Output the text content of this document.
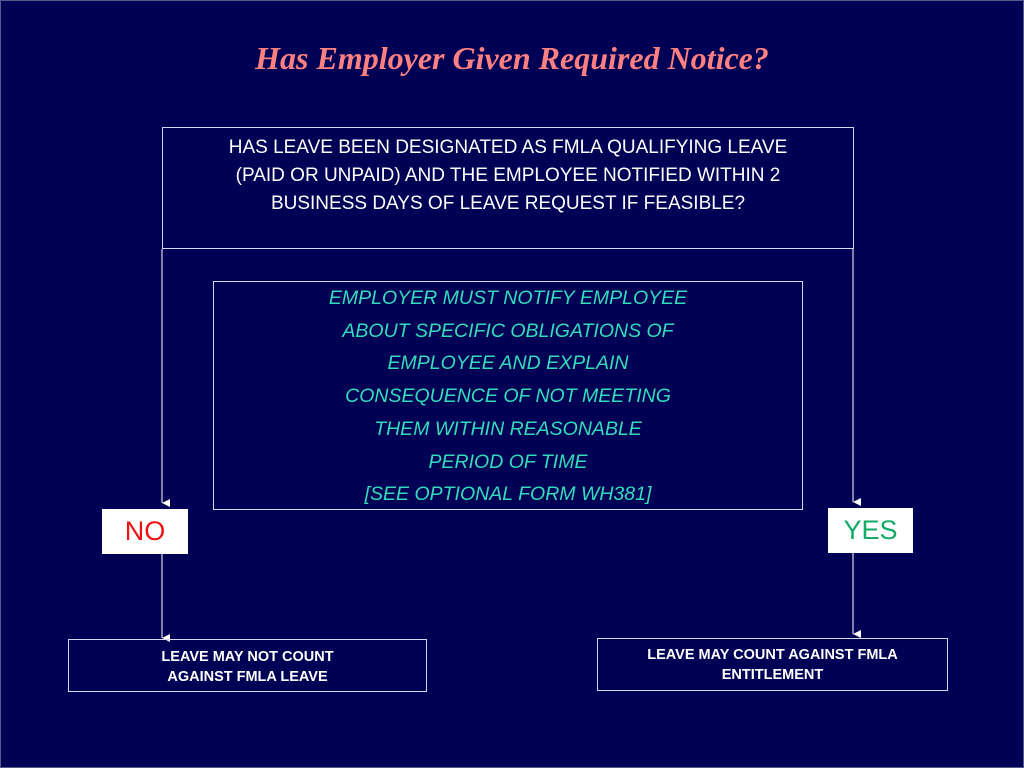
Has Employer Given Required Notice?
HAS LEAVE BEEN DESIGNATED AS FMLA QUALIFYING LEAVE
(PAID OR UNPAID) AND THE EMPLOYEE NOTIFIED WITHIN 2
BUSINESS DAYS OF LEAVE REQUEST IF FEASIBLE?
EMPLOYER MUST NOTIFY EMPLOYEE
ABOUT SPECIFIC OBLIGATIONS OF
EMPLOYEE AND EXPLAIN
CONSEQUENCE OF NOT MEETING
THEM WITHIN REASONABLE
PERIOD OF TIME
[SEE OPTIONAL FORM WH381]
NO	YES
LEAVE MAY NOT COUNT
AGAINST FMLA LEAVE
LEAVE MAY COUNT AGAINST FMLA
ENTITLEMENT
